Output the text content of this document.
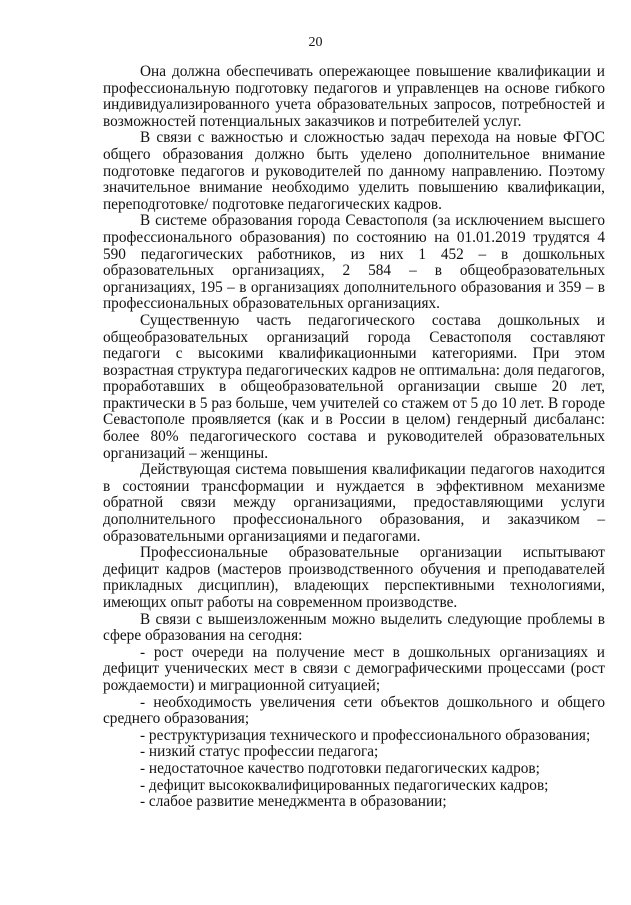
20

Она должна обеспечивать опережающее повышение квалификации и профессиональную подготовку педагогов и управленцев на основе гибкого индивидуализированного учета образовательных запросов, потребностей и возможностей потенциальных заказчиков и потребителей услуг.

В связи с важностью и сложностью задач перехода на новые ФГОС общего образования должно быть уделено дополнительное внимание подготовке педагогов и руководителей по данному направлению. Поэтому значительное внимание необходимо уделить повышению квалификации, переподготовке/ подготовке педагогических кадров.

В системе образования города Севастополя (за исключением высшего профессионального образования) по состоянию на 01.01.2019 трудятся 4 590 педагогических работников, из них 1 452 – в дошкольных образовательных организациях, 2 584 – в общеобразовательных организациях, 195 – в организациях дополнительного образования и 359 – в профессиональных образовательных организациях.

Существенную часть педагогического состава дошкольных и общеобразовательных организаций города Севастополя составляют педагоги с высокими квалификационными категориями. При этом возрастная структура педагогических кадров не оптимальна: доля педагогов, проработавших в общеобразовательной организации свыше 20 лет, практически в 5 раз больше, чем учителей со стажем от 5 до 10 лет. В городе Севастополе проявляется (как и в России в целом) гендерный дисбаланс: более 80% педагогического состава и руководителей образовательных организаций – женщины.

Действующая система повышения квалификации педагогов находится в состоянии трансформации и нуждается в эффективном механизме обратной связи между организациями, предоставляющими услуги дополнительного профессионального образования, и заказчиком – образовательными организациями и педагогами.

Профессиональные образовательные организации испытывают дефицит кадров (мастеров производственного обучения и преподавателей прикладных дисциплин), владеющих перспективными технологиями, имеющих опыт работы на современном производстве.

В связи с вышеизложенным можно выделить следующие проблемы в сфере образования на сегодня:

- рост очереди на получение мест в дошкольных организациях и дефицит ученических мест в связи с демографическими процессами (рост рождаемости) и миграционной ситуацией;

- необходимость увеличения сети объектов дошкольного и общего среднего образования;

- реструктуризация технического и профессионального образования;

- низкий статус профессии педагога;

- недостаточное качество подготовки педагогических кадров;

- дефицит высококвалифицированных педагогических кадров;

- слабое развитие менеджмента в образовании;
